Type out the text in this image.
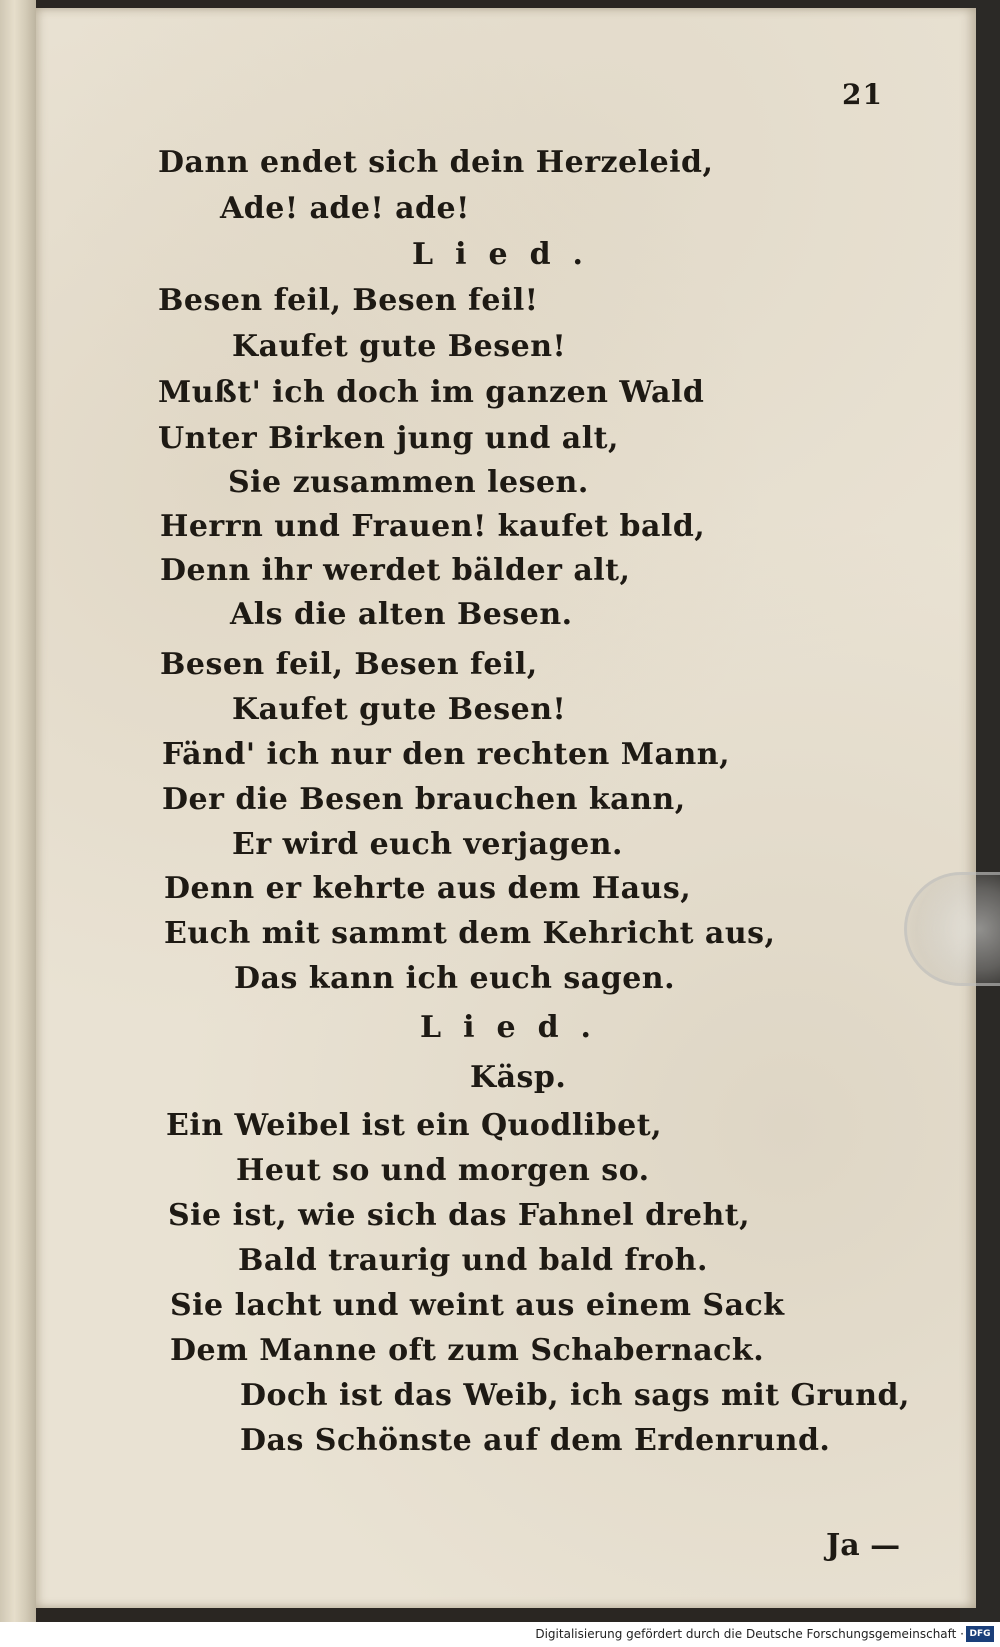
21
Dann endet sich dein Herzeleid,
Ade! ade! ade!
Lied.
Besen feil, Besen feil!
Kaufet gute Besen!
Mußt' ich doch im ganzen Wald
Unter Birken jung und alt,
Sie zusammen lesen.
Herrn und Frauen! kaufet bald,
Denn ihr werdet bälder alt,
Als die alten Besen.
Besen feil, Besen feil,
Kaufet gute Besen!
Fänd' ich nur den rechten Mann,
Der die Besen brauchen kann,
Er wird euch verjagen.
Denn er kehrte aus dem Haus,
Euch mit sammt dem Kehricht aus,
Das kann ich euch sagen.
Lied.
Käsp.
Ein Weibel ist ein Quodlibet,
Heut so und morgen so.
Sie ist, wie sich das Fahnel dreht,
Bald traurig und bald froh.
Sie lacht und weint aus einem Sack
Dem Manne oft zum Schabernack.
Doch ist das Weib, ich sags mit Grund,
Das Schönste auf dem Erdenrund.
Ja —
Digitalisierung gefördert durch die Deutsche Forschungsgemeinschaft · DFG
